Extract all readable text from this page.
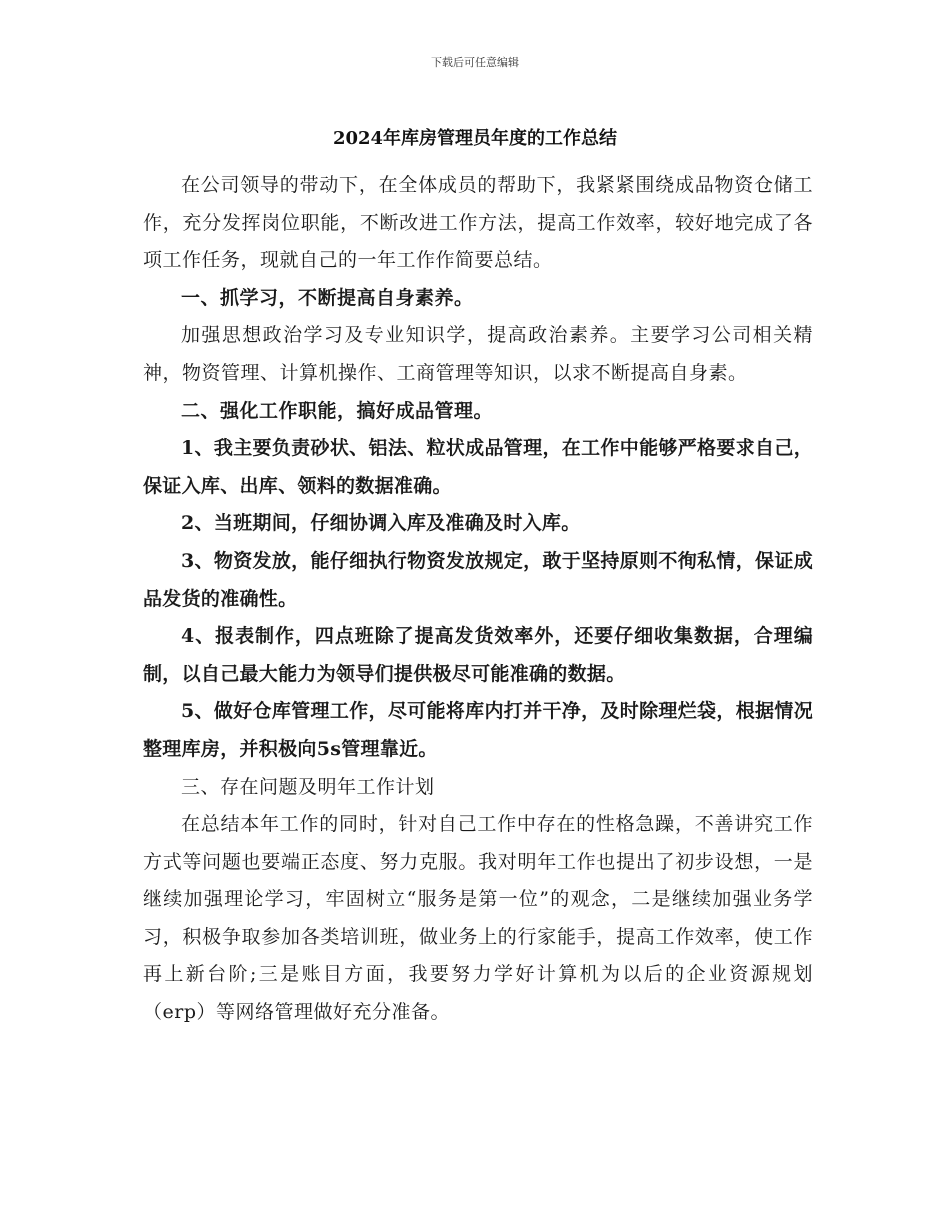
下载后可任意编辑
2024年库房管理员年度的工作总结

在公司领导的带动下，在全体成员的帮助下，我紧紧围绕成品物资仓储工作，充分发挥岗位职能，不断改进工作方法，提高工作效率，较好地完成了各项工作任务，现就自己的一年工作作简要总结。

一、抓学习，不断提高自身素养。

加强思想政治学习及专业知识学，提高政治素养。主要学习公司相关精神，物资管理、计算机操作、工商管理等知识，以求不断提高自身素。

二、强化工作职能，搞好成品管理。

1、我主要负责砂状、铝法、粒状成品管理，在工作中能够严格要求自己，保证入库、出库、领料的数据准确。

2、当班期间，仔细协调入库及准确及时入库。

3、物资发放，能仔细执行物资发放规定，敢于坚持原则不徇私情，保证成品发货的准确性。

4、报表制作，四点班除了提高发货效率外，还要仔细收集数据，合理编制，以自己最大能力为领导们提供极尽可能准确的数据。

5、做好仓库管理工作，尽可能将库内打并干净，及时除理烂袋，根据情况整理库房，并积极向5s管理靠近。

三、存在问题及明年工作计划

在总结本年工作的同时，针对自己工作中存在的性格急躁，不善讲究工作方式等问题也要端正态度、努力克服。我对明年工作也提出了初步设想，一是继续加强理论学习，牢固树立“服务是第一位”的观念，二是继续加强业务学习，积极争取参加各类培训班，做业务上的行家能手，提高工作效率，使工作再上新台阶;三是账目方面，我要努力学好计算机为以后的企业资源规划（erp）等网络管理做好充分准备。
